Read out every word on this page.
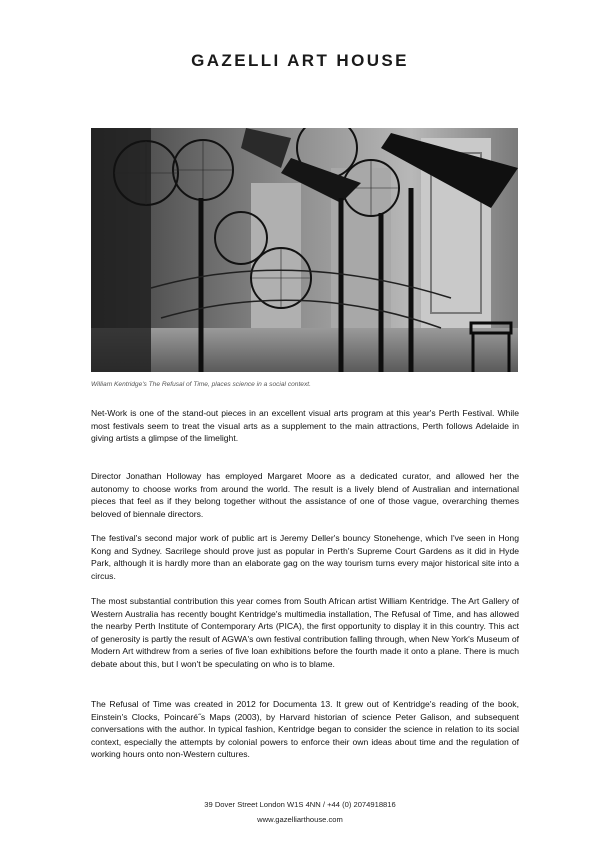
GAZELLI ART HOUSE
William Kentridge's The Refusal of Time, places science in a social context.

Net-Work is one of the stand-out pieces in an excellent visual arts program at this year's Perth Festival. While most festivals seem to treat the visual arts as a supplement to the main attractions, Perth follows Adelaide in giving artists a glimpse of the limelight.

Director Jonathan Holloway has employed Margaret Moore as a dedicated curator, and allowed her the autonomy to choose works from around the world. The result is a lively blend of Australian and international pieces that feel as if they belong together without the assistance of one of those vague, overarching themes beloved of biennale directors.

The festival's second major work of public art is Jeremy Deller's bouncy Stonehenge, which I've seen in Hong Kong and Sydney. Sacrilege should prove just as popular in Perth's Supreme Court Gardens as it did in Hyde Park, although it is hardly more than an elaborate gag on the way tourism turns every major historical site into a circus.

The most substantial contribution this year comes from South African artist William Kentridge. The Art Gallery of Western Australia has recently bought Kentridge's multimedia installation, The Refusal of Time, and has allowed the nearby Perth Institute of Contemporary Arts (PICA), the first opportunity to display it in this country. This act of generosity is partly the result of AGWA's own festival contribution falling through, when New York's Museum of Modern Art withdrew from a series of five loan exhibitions before the fourth made it onto a plane. There is much debate about this, but I won't be speculating on who is to blame.

The Refusal of Time was created in 2012 for Documenta 13. It grew out of Kentridge's reading of the book, Einstein's Clocks, Poincaré˝s Maps (2003), by Harvard historian of science Peter Galison, and subsequent conversations with the author. In typical fashion, Kentridge began to consider the science in relation to its social context, especially the attempts by colonial powers to enforce their own ideas about time and the regulation of working hours onto non-Western cultures.

39 Dover Street London W1S 4NN / +44 (0) 2074918816
www.gazelliarthouse.com
